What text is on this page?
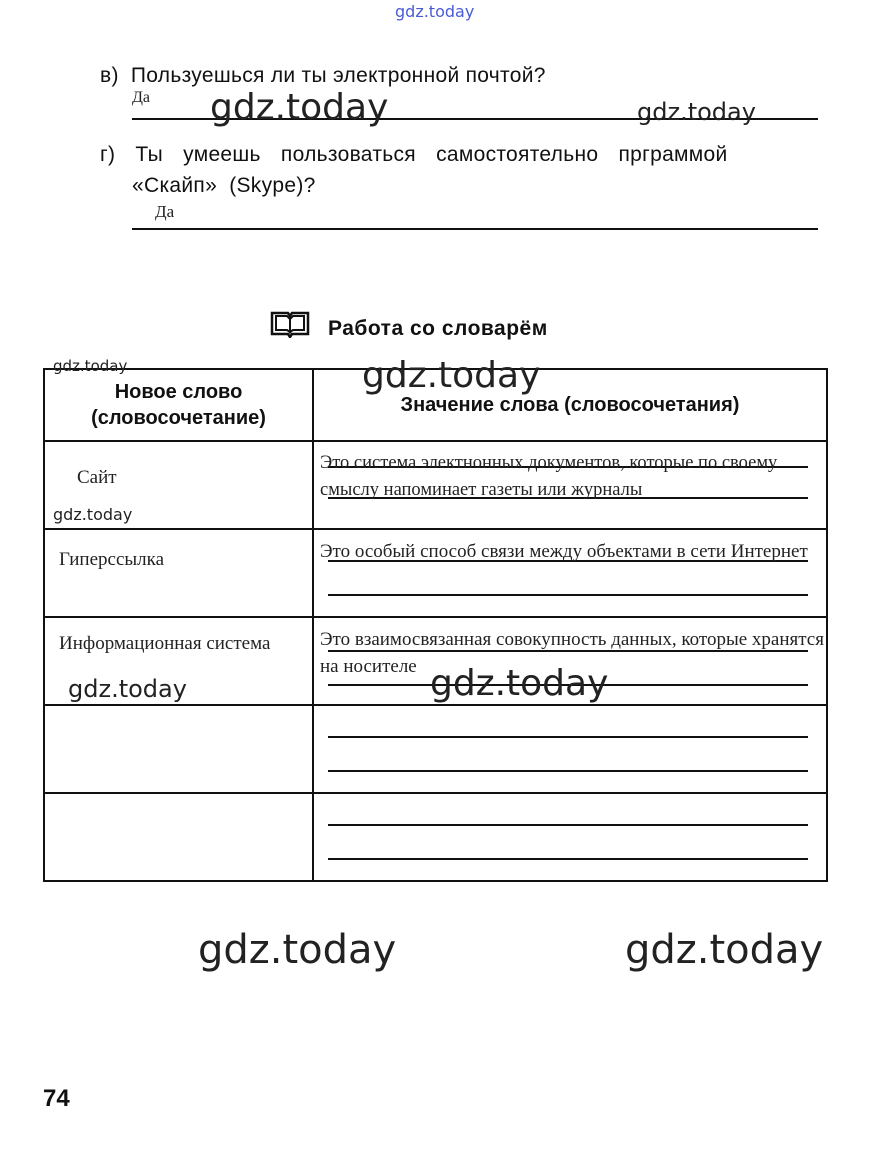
gdz.today
в) Пользуешься ли ты электронной почтой?
Да
г) Ты умеешь пользоваться самостоятельно прграммой
«Скайп» (Skype)?
Да
Работа со словарём
Новое слово (словосочетание)	Значение слова (словосочетания)

Сайт	Это система электнонных документов, которые по своему смыслу напоминает газеты или журналы

Гиперссылка	Это особый способ связи между объектами в сети Интернет

Информационная система	Это взаимосвязанная совокупность данных, которые хранятся на носителе

gdz.today	gdz.today
gdz.today	gdz.today
gdz.today
gdz.today	gdz.today
gdz.today	gdz.today
74
